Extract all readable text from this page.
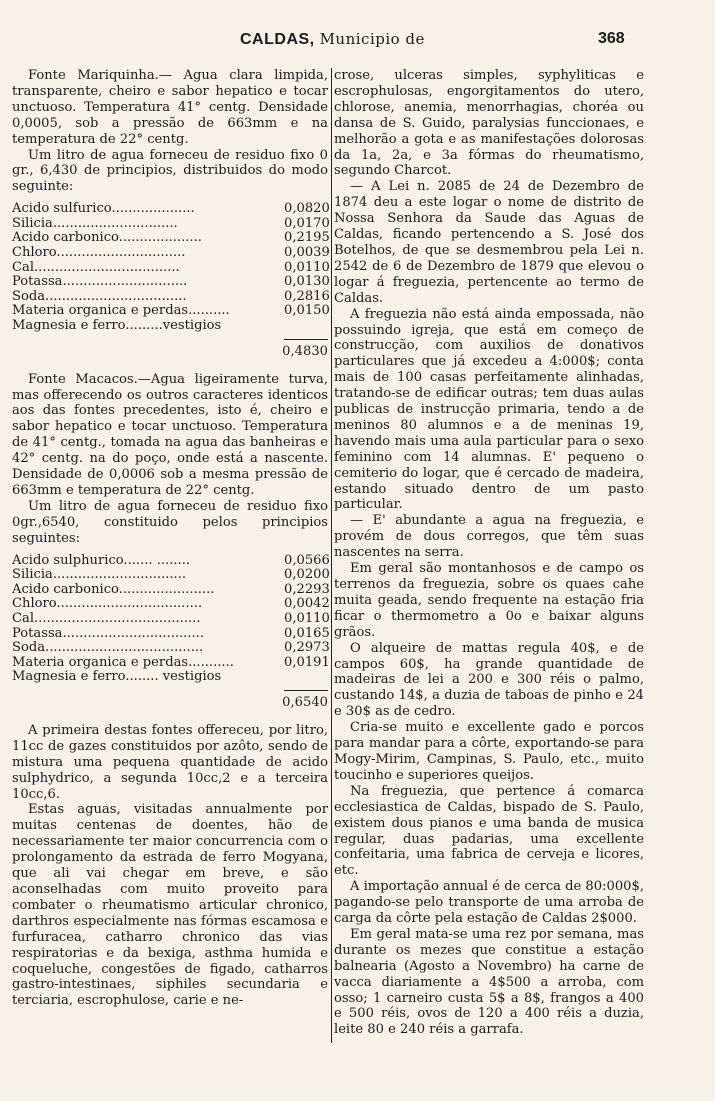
CALDAS, Municipio de	368

Fonte Mariquinha.— Agua clara limpida, transparente, cheiro e sabor hepatico e tocar unctuoso. Temperatura 41° centg. Densidade 0,0005, sob a pressão de 663mm e na temperatura de 22° centg.

Um litro de agua forneceu de residuo fixo 0 gr., 6,430 de principios, distribuidos do modo seguinte:

Acido sulfurico....................	0,0820
Silicia..............................	0,0170
Acido carbonico....................	0,2195
Chloro...............................	0,0039
Cal...................................	0,0110
Potassa..............................	0,0130
Soda..................................	0,2816
Materia organica e perdas..........	0,0150
Magnesia e ferro.........vestigios
0,4830

Fonte Macacos.—Agua ligeiramente turva, mas offerecendo os outros caracteres identicos aos das fontes precedentes, isto é, cheiro e sabor hepatico e tocar unctuoso. Temperatura de 41° centg., tomada na agua das banheiras e 42° centg. na do poço, onde está a nascente. Densidade de 0,0006 sob a mesma pressão de 663mm e temperatura de 22° centg.

Um litro de agua forneceu de residuo fixo 0gr.,6540, constituido pelos principios seguintes:

Acido sulphurico....... ........	0,0566
Silicia................................	0,0200
Acido carbonico.......................	0,2293
Chloro...................................	0,0042
Cal........................................	0,0110
Potassa..................................	0,0165
Soda......................................	0,2973
Materia organica e perdas...........	0,0191
Magnesia e ferro........ vestigios
0,6540

A primeira destas fontes offereceu, por litro, 11cc de gazes constituidos por azôto, sendo de mistura uma pequena quantidade de acido sulphydrico, a segunda 10cc,2 e a terceira 10cc,6.

Estas aguas, visitadas annualmente por muitas centenas de doentes, hão de necessariamente ter maior concurrencia com o prolongamento da estrada de ferro Mogyana, que ali vai chegar em breve, e são aconselhadas com muito proveito para combater o rheumatismo articular chronico, darthros especialmente nas fórmas escamosa e furfuracea, catharro chronico das vias respiratorias e da bexiga, asthma humida e coqueluche, congestões de figado, catharros gastro-intestinaes, siphiles secundaria e terciaria, escrophulose, carie e ne-

crose, ulceras simples, syphyliticas e escrophulosas, engorgitamentos do utero, chlorose, anemia, menorrhagias, choréa ou dansa de S. Guido, paralysias funccionaes, e melhorão a gota e as manifestações dolorosas da 1a, 2a, e 3a fórmas do rheumatismo, segundo Charcot.

— A Lei n. 2085 de 24 de Dezembro de 1874 deu a este logar o nome de distrito de Nossa Senhora da Saude das Aguas de Caldas, ficando pertencendo a S. José dos Botelhos, de que se desmembrou pela Lei n. 2542 de 6 de Dezembro de 1879 que elevou o logar á freguezia, pertencente ao termo de Caldas.

A freguezia não está ainda empossada, não possuindo igreja, que está em começo de construcção, com auxilios de donativos particulares que já excedeu a 4:000$; conta mais de 100 casas perfeitamente alinhadas, tratando-se de edificar outras; tem duas aulas publicas de instrucção primaria, tendo a de meninos 80 alumnos e a de meninas 19, havendo mais uma aula particular para o sexo feminino com 14 alumnas. E' pequeno o cemiterio do logar, que é cercado de madeira, estando situado dentro de um pasto particular.

— E' abundante a agua na freguezia, e provém de dous corregos, que têm suas nascentes na serra.

Em geral são montanhosos e de campo os terrenos da freguezia, sobre os quaes cahe muita geada, sendo frequente na estação fria ficar o thermometro a 0o e baixar alguns grãos.

O alqueire de mattas regula 40$, e de campos 60$, ha grande quantidade de madeiras de lei a 200 e 300 réis o palmo, custando 14$, a duzia de taboas de pinho e 24 e 30$ as de cedro.

Cria-se muito e excellente gado e porcos para mandar para a côrte, exportando-se para Mogy-Mirim, Campinas, S. Paulo, etc., muito toucinho e superiores queijos.

Na freguezia, que pertence á comarca ecclesiastica de Caldas, bispado de S. Paulo, existem dous pianos e uma banda de musica regular, duas padarias, uma excellente confeitaria, uma fabrica de cerveja e licores, etc.

A importação annual é de cerca de 80:000$, pagando-se pelo transporte de uma arroba de carga da côrte pela estação de Caldas 2$000.

Em geral mata-se uma rez por semana, mas durante os mezes que constitue a estação balnearia (Agosto a Novembro) ha carne de vacca diariamente a 4$500 a arroba, com osso; 1 carneiro custa 5$ a 8$, frangos a 400 e 500 réis, ovos de 120 a 400 réis a duzia, leite 80 e 240 réis a garrafa.
